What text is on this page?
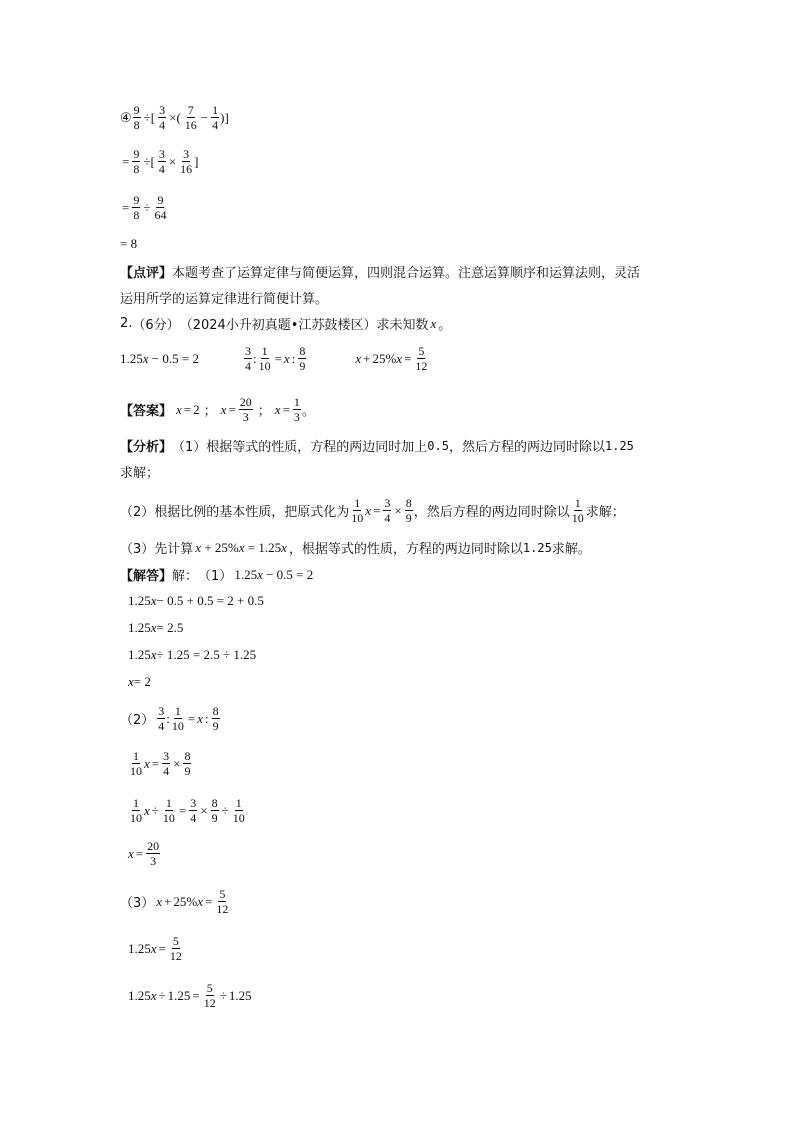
④ $\frac{9}{8}$ ÷[ $\frac{3}{4}$ ×( $\frac{7}{16} - \frac{1}{4}$ ) ]
= $\frac{9}{8}$ ÷[ $\frac{3}{4} \times \frac{3}{16}$ ]
= $\frac{9}{8} \div \frac{9}{64}$
= 8
【点评】 本题考查了运算定律与简便运算，四则混合运算。注意运算顺序和运算法则，灵活
运用所学的运算定律进行简便计算。
2. （6分） （2024小升初真题•江苏鼓楼区） 求未知数 x 。
1.25x − 0.5 = 2	$\frac{3}{4}$ : $\frac{1}{10} = x$ : $\frac{8}{9}$	x + 25% $x = \frac{5}{12}$
【答案】 x = 2 ； $x = \frac{20}{3}$ ； $x = \frac{1}{3}$ 。
【分析】 （1）根据等式的性质，方程的两边同时加上 0.5 ，然后方程的两边同时除以 1.25
求解；
（2）根据比例的基本性质，把原式化为 $\frac{1}{10}$ $x = \frac{3}{4} \times \frac{8}{9}$ ，然后方程的两边同时除以 $\frac{1}{10}$ 求解；
（3）先计算 x + 25%x = 1.25x ，根据等式的性质，方程的两边同时除以 1.25 求解。
【解答】 解： （1） 1.25x − 0.5 = 2
1.25 x − 0.5 + 0.5 = 2 + 0.5
1.25 x = 2.5
1.25 x ÷ 1.25 = 2.5 ÷ 1.25
x = 2
$(2) \frac{3}{4}$ : $\frac{1}{10} = x$ : $\frac{8}{9}$
$\frac{1}{10}$ $x = \frac{3}{4} \times \frac{8}{9}$
$\frac{1}{10}$ $x \div \frac{1}{10} = \frac{3}{4} \times \frac{8}{9} \div \frac{1}{10}$
$x = \frac{20}{3}$
（3） x + 25% $x = \frac{5}{12}$
1.25 $x = \frac{5}{12}$
1.25 $x \div 1.25 = \frac{5}{12} \div 1.25$
